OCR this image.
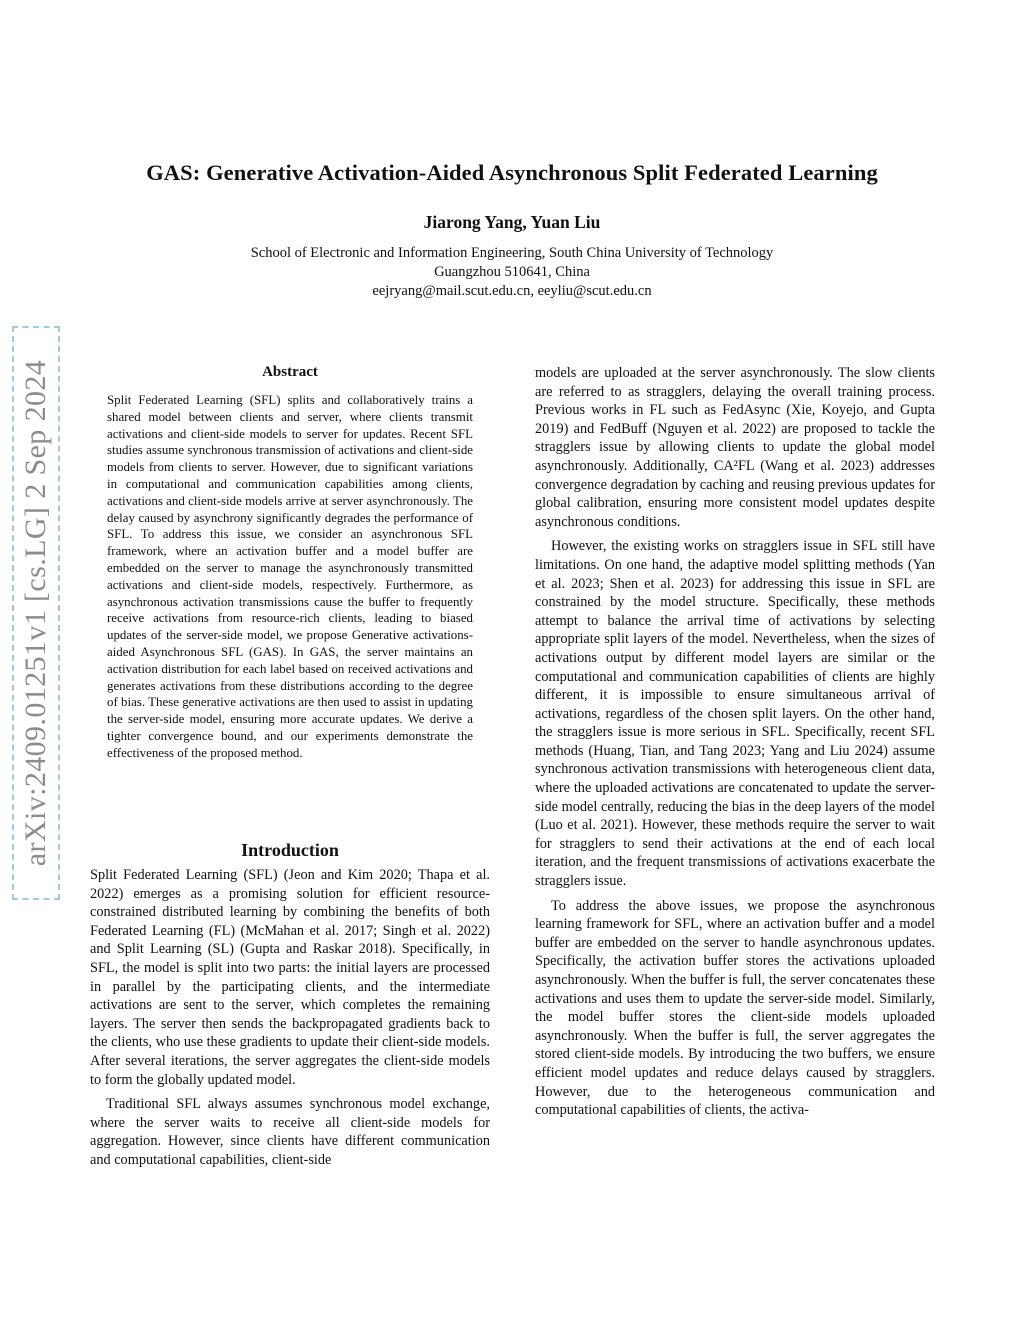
GAS: Generative Activation-Aided Asynchronous Split Federated Learning
Jiarong Yang, Yuan Liu
School of Electronic and Information Engineering, South China University of Technology
Guangzhou 510641, China
eejryang@mail.scut.edu.cn, eeyliu@scut.edu.cn
arXiv:2409.01251v1 [cs.LG] 2 Sep 2024	Abstract

Split Federated Learning (SFL) splits and collaboratively trains a shared model between clients and server, where clients transmit activations and client-side models to server for updates. Recent SFL studies assume synchronous transmission of activations and client-side models from clients to server. However, due to significant variations in computational and communication capabilities among clients, activations and client-side models arrive at server asynchronously. The delay caused by asynchrony significantly degrades the performance of SFL. To address this issue, we consider an asynchronous SFL framework, where an activation buffer and a model buffer are embedded on the server to manage the asynchronously transmitted activations and client-side models, respectively. Furthermore, as asynchronous activation transmissions cause the buffer to frequently receive activations from resource-rich clients, leading to biased updates of the server-side model, we propose Generative activations-aided Asynchronous SFL (GAS). In GAS, the server maintains an activation distribution for each label based on received activations and generates activations from these distributions according to the degree of bias. These generative activations are then used to assist in updating the server-side model, ensuring more accurate updates. We derive a tighter convergence bound, and our experiments demonstrate the effectiveness of the proposed method.

Introduction

Split Federated Learning (SFL) (Jeon and Kim 2020; Thapa et al. 2022) emerges as a promising solution for efficient resource-constrained distributed learning by combining the benefits of both Federated Learning (FL) (McMahan et al. 2017; Singh et al. 2022) and Split Learning (SL) (Gupta and Raskar 2018). Specifically, in SFL, the model is split into two parts: the initial layers are processed in parallel by the participating clients, and the intermediate activations are sent to the server, which completes the remaining layers. The server then sends the backpropagated gradients back to the clients, who use these gradients to update their client-side models. After several iterations, the server aggregates the client-side models to form the globally updated model.

Traditional SFL always assumes synchronous model exchange, where the server waits to receive all client-side models for aggregation. However, since clients have different communication and computational capabilities, client-side

models are uploaded at the server asynchronously. The slow clients are referred to as stragglers, delaying the overall training process. Previous works in FL such as FedAsync (Xie, Koyejo, and Gupta 2019) and FedBuff (Nguyen et al. 2022) are proposed to tackle the stragglers issue by allowing clients to update the global model asynchronously. Additionally, CA²FL (Wang et al. 2023) addresses convergence degradation by caching and reusing previous updates for global calibration, ensuring more consistent model updates despite asynchronous conditions.

However, the existing works on stragglers issue in SFL still have limitations. On one hand, the adaptive model splitting methods (Yan et al. 2023; Shen et al. 2023) for addressing this issue in SFL are constrained by the model structure. Specifically, these methods attempt to balance the arrival time of activations by selecting appropriate split layers of the model. Nevertheless, when the sizes of activations output by different model layers are similar or the computational and communication capabilities of clients are highly different, it is impossible to ensure simultaneous arrival of activations, regardless of the chosen split layers. On the other hand, the stragglers issue is more serious in SFL. Specifically, recent SFL methods (Huang, Tian, and Tang 2023; Yang and Liu 2024) assume synchronous activation transmissions with heterogeneous client data, where the uploaded activations are concatenated to update the server-side model centrally, reducing the bias in the deep layers of the model (Luo et al. 2021). However, these methods require the server to wait for stragglers to send their activations at the end of each local iteration, and the frequent transmissions of activations exacerbate the stragglers issue.

To address the above issues, we propose the asynchronous learning framework for SFL, where an activation buffer and a model buffer are embedded on the server to handle asynchronous updates. Specifically, the activation buffer stores the activations uploaded asynchronously. When the buffer is full, the server concatenates these activations and uses them to update the server-side model. Similarly, the model buffer stores the client-side models uploaded asynchronously. When the buffer is full, the server aggregates the stored client-side models. By introducing the two buffers, we ensure efficient model updates and reduce delays caused by stragglers. However, due to the heterogeneous communication and computational capabilities of clients, the activa-
